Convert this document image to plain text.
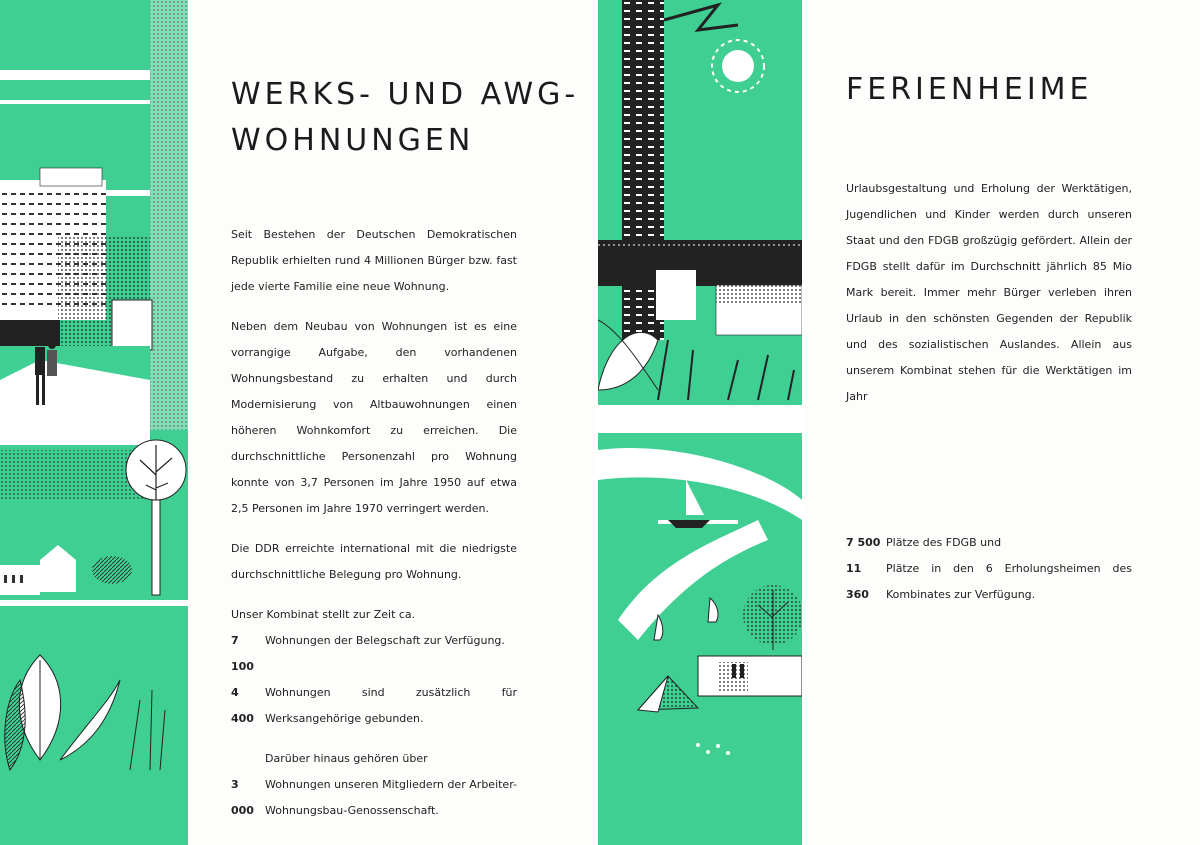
WERKS- UND AWG-
WOHNUNGEN

Seit Bestehen der Deutschen Demokratischen Republik erhielten rund 4 Millionen Bürger bzw. fast jede vierte Familie eine neue Wohnung.

Neben dem Neubau von Wohnungen ist es eine vorrangige Aufgabe, den vorhandenen Wohnungsbestand zu erhalten und durch Modernisierung von Altbauwohnungen einen höheren Wohnkomfort zu erreichen. Die durchschnittliche Personenzahl pro Wohnung konnte von 3,7 Personen im Jahre 1950 auf etwa 2,5 Personen im Jahre 1970 verringert werden.

Die DDR erreichte international mit die niedrigste durchschnittliche Belegung pro Wohnung.

Unser Kombinat stellt zur Zeit ca.
7 100
Wohnungen der Belegschaft zur Verfügung.
4 400
Wohnungen sind zusätzlich für Werksangehörige gebunden.
Darüber hinaus gehören über
3 000
Wohnungen unseren Mitgliedern der Arbeiter-Wohnungsbau-Genossenschaft.
FERIENHEIME

Urlaubsgestaltung und Erholung der Werktätigen, Jugendlichen und Kinder werden durch unseren Staat und den FDGB großzügig gefördert. Allein der FDGB stellt dafür im Durchschnitt jährlich 85 Mio Mark bereit. Immer mehr Bürger verleben ihren Urlaub in den schönsten Gegenden der Republik und des sozialistischen Auslandes. Allein aus unserem Kombinat stehen für die Werktätigen im Jahr

7 500 Plätze des FDGB und
11 360
Plätze in den 6 Erholungsheimen des Kombinates zur Verfügung.
